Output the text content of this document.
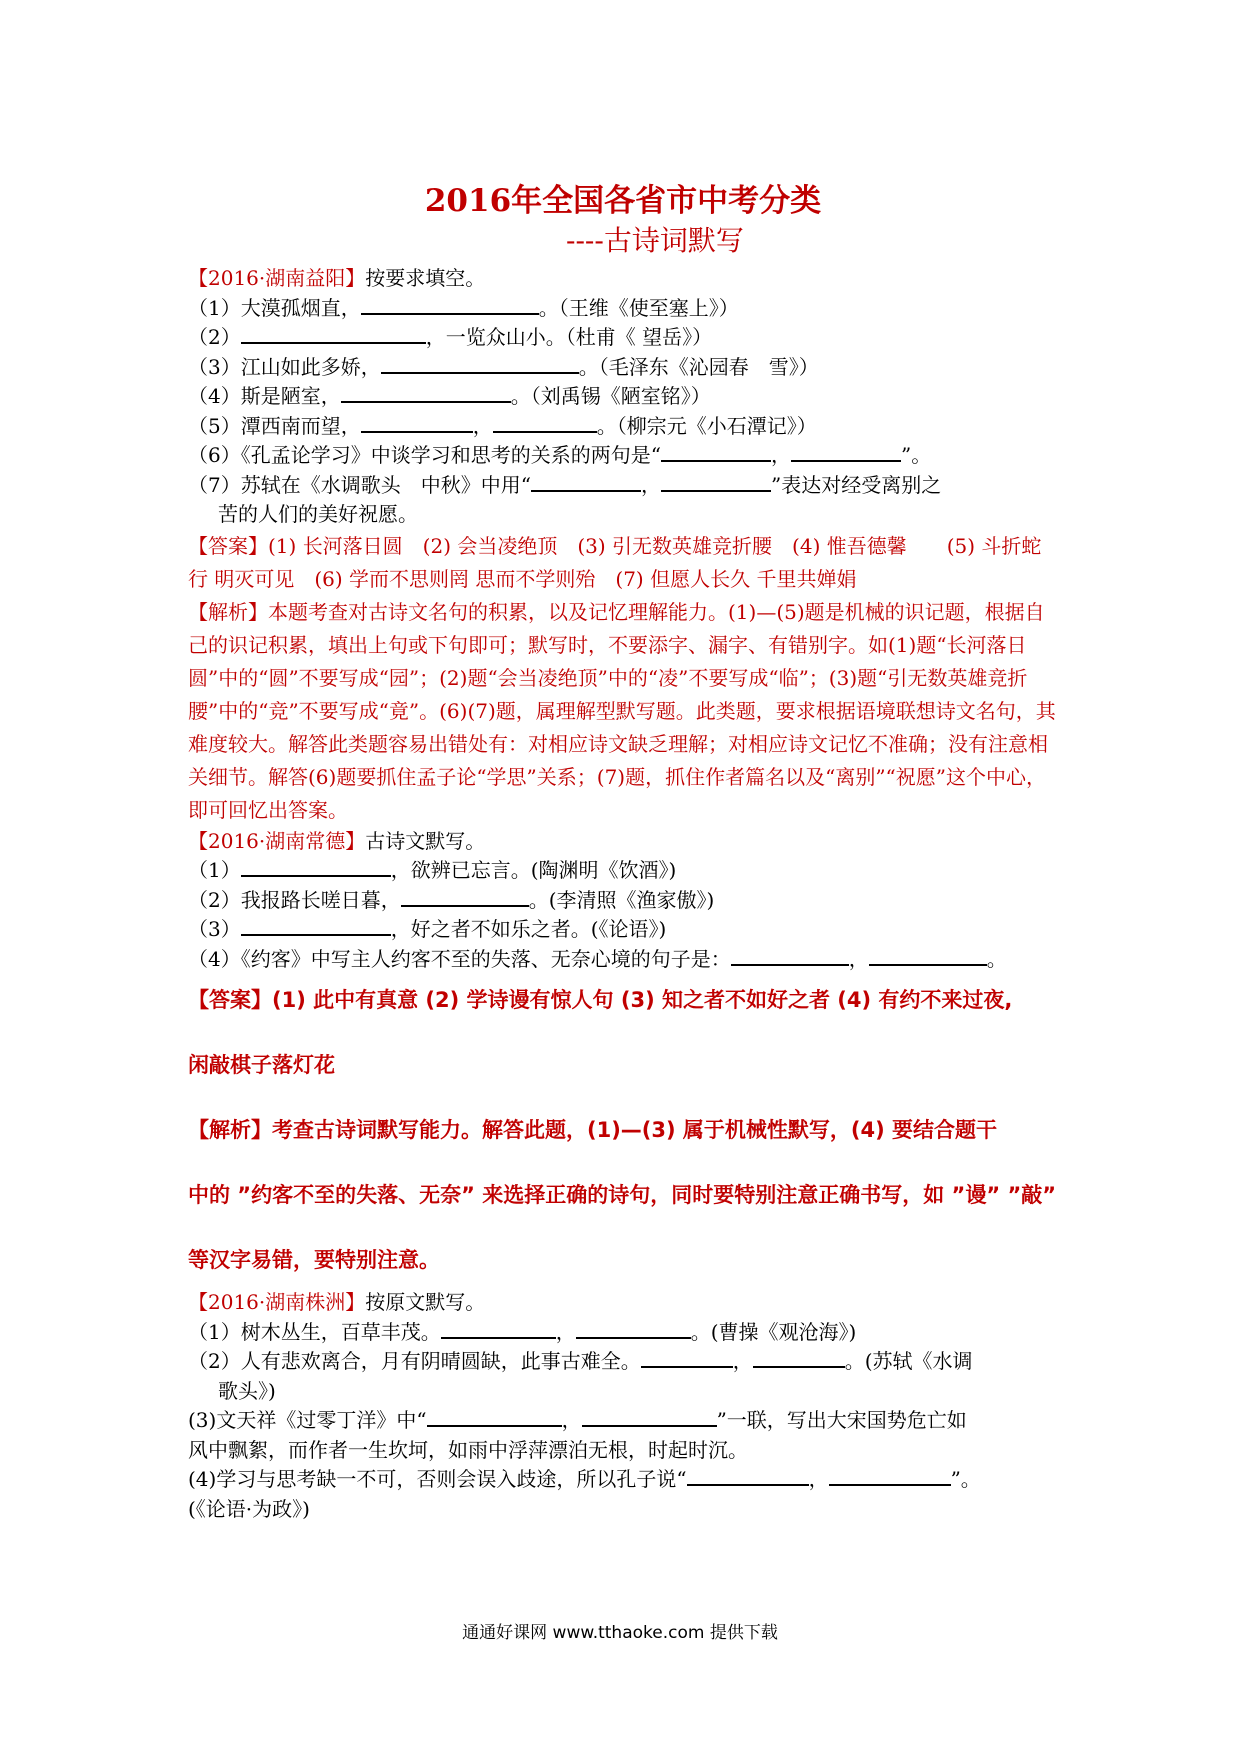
2016年全国各省市中考分类
----古诗词默写
【2016·湖南益阳】按要求填空。
（1）大漠孤烟直，	。（王维《使至塞上》）
（2）	，一览众山小。（杜甫《 望岳》）
（3）江山如此多娇，	。（毛泽东《沁园春　雪》）
（4）斯是陋室，	。（刘禹锡《陋室铭》）
（5）潭西南而望，	，	。（柳宗元《小石潭记》）
（6）《孔孟论学习》中谈学习和思考的关系的两句是“	，	”。
（7）苏轼在《水调歌头　中秋》中用“	，	”表达对经受离别之
苦的人们的美好祝愿。
【答案】(1) 长河落日圆　(2) 会当凌绝顶　(3) 引无数英雄竞折腰　(4) 惟吾德馨　　(5) 斗折蛇行 明灭可见　(6) 学而不思则罔 思而不学则殆　(7) 但愿人长久 千里共婵娟
【解析】本题考查对古诗文名句的积累，以及记忆理解能力。(1)—(5)题是机械的识记题，根据自己的识记积累，填出上句或下句即可；默写时，不要添字、漏字、有错别字。如(1)题“长河落日圆”中的“圆”不要写成“园”；(2)题“会当凌绝顶”中的“凌”不要写成“临”；(3)题“引无数英雄竞折腰”中的“竞”不要写成“竟”。(6)(7)题，属理解型默写题。此类题，要求根据语境联想诗文名句，其难度较大。解答此类题容易出错处有：对相应诗文缺乏理解；对相应诗文记忆不准确；没有注意相关细节。解答(6)题要抓住孟子论“学思”关系；(7)题，抓住作者篇名以及“离别”“祝愿”这个中心，即可回忆出答案。
【2016·湖南常德】古诗文默写。
（1）	，欲辨已忘言。(陶渊明《饮酒》)
（2）我报路长嗟日暮，	。(李清照《渔家傲》)
（3）	，好之者不如乐之者。(《论语》)
（4）《约客》中写主人约客不至的失落、无奈心境的句子是：	，	。
【答案】(1) 此中有真意 (2) 学诗谩有惊人句 (3) 知之者不如好之者 (4) 有约不来过夜,
闲敲棋子落灯花
【解析】考查古诗词默写能力。解答此题，(1)—(3) 属于机械性默写，(4) 要结合题干
中的 ”约客不至的失落、无奈” 来选择正确的诗句，同时要特别注意正确书写，如 ”谩” ”敲”
等汉字易错，要特别注意。
【2016·湖南株洲】按原文默写。
（1）树木丛生，百草丰茂。	，	。(曹操《观沧海》)
（2）人有悲欢离合，月有阴晴圆缺，此事古难全。	，	。(苏轼《水调
歌头》)
(3)文天祥《过零丁洋》中“	，	”一联，写出大宋国势危亡如
风中飘絮，而作者一生坎坷，如雨中浮萍漂泊无根，时起时沉。
(4)学习与思考缺一不可，否则会误入歧途，所以孔子说“	，	”。
(《论语·为政》)
通通好课网 www.tthaoke.com 提供下载
